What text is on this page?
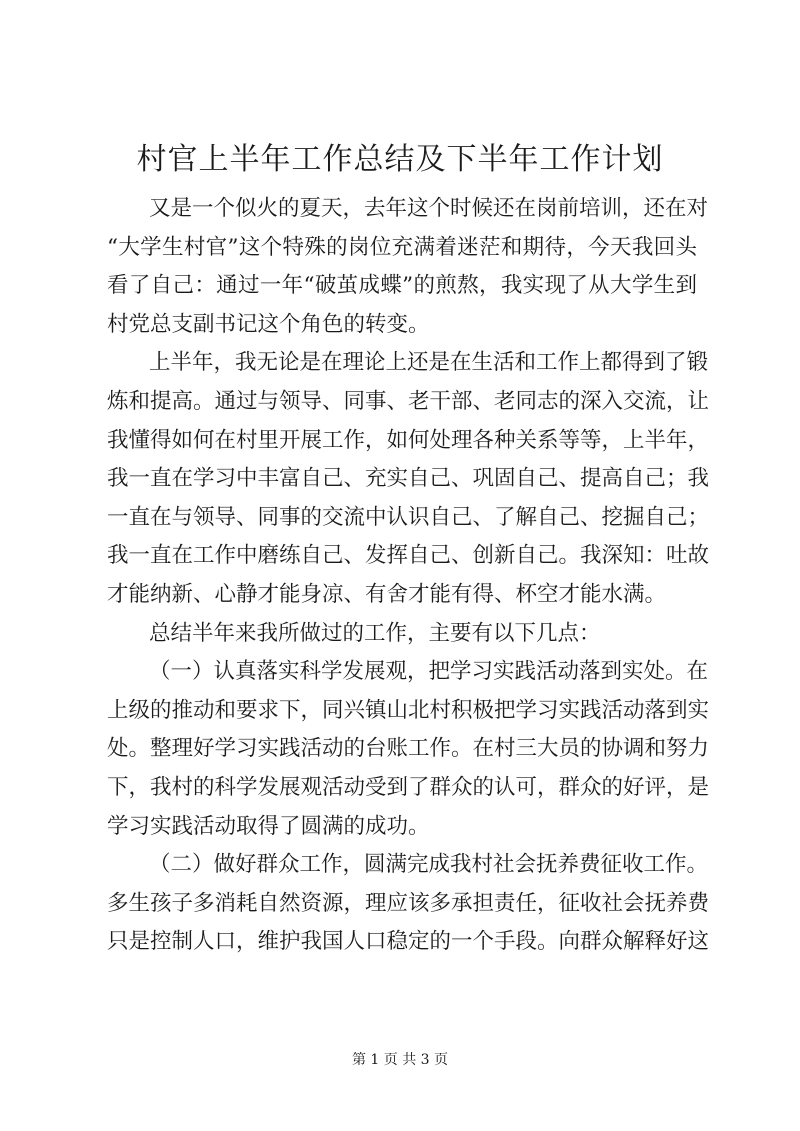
村官上半年工作总结及下半年工作计划
又是一个似火的夏天，去年这个时候还在岗前培训，还在对
“大学生村官”这个特殊的岗位充满着迷茫和期待，今天我回头
看了自己：通过一年“破茧成蝶”的煎熬，我实现了从大学生到
村党总支副书记这个角色的转变。
上半年，我无论是在理论上还是在生活和工作上都得到了锻
炼和提高。通过与领导、同事、老干部、老同志的深入交流，让
我懂得如何在村里开展工作，如何处理各种关系等等，上半年，
我一直在学习中丰富自己、充实自己、巩固自己、提高自己；我
一直在与领导、同事的交流中认识自己、了解自己、挖掘自己；
我一直在工作中磨练自己、发挥自己、创新自己。我深知：吐故
才能纳新、心静才能身凉、有舍才能有得、杯空才能水满。
总结半年来我所做过的工作，主要有以下几点：
（一）认真落实科学发展观，把学习实践活动落到实处。在
上级的推动和要求下，同兴镇山北村积极把学习实践活动落到实
处。整理好学习实践活动的台账工作。在村三大员的协调和努力
下，我村的科学发展观活动受到了群众的认可，群众的好评，是
学习实践活动取得了圆满的成功。
（二）做好群众工作，圆满完成我村社会抚养费征收工作。
多生孩子多消耗自然资源，理应该多承担责任，征收社会抚养费
只是控制人口，维护我国人口稳定的一个手段。向群众解释好这
第 1 页 共 3 页
